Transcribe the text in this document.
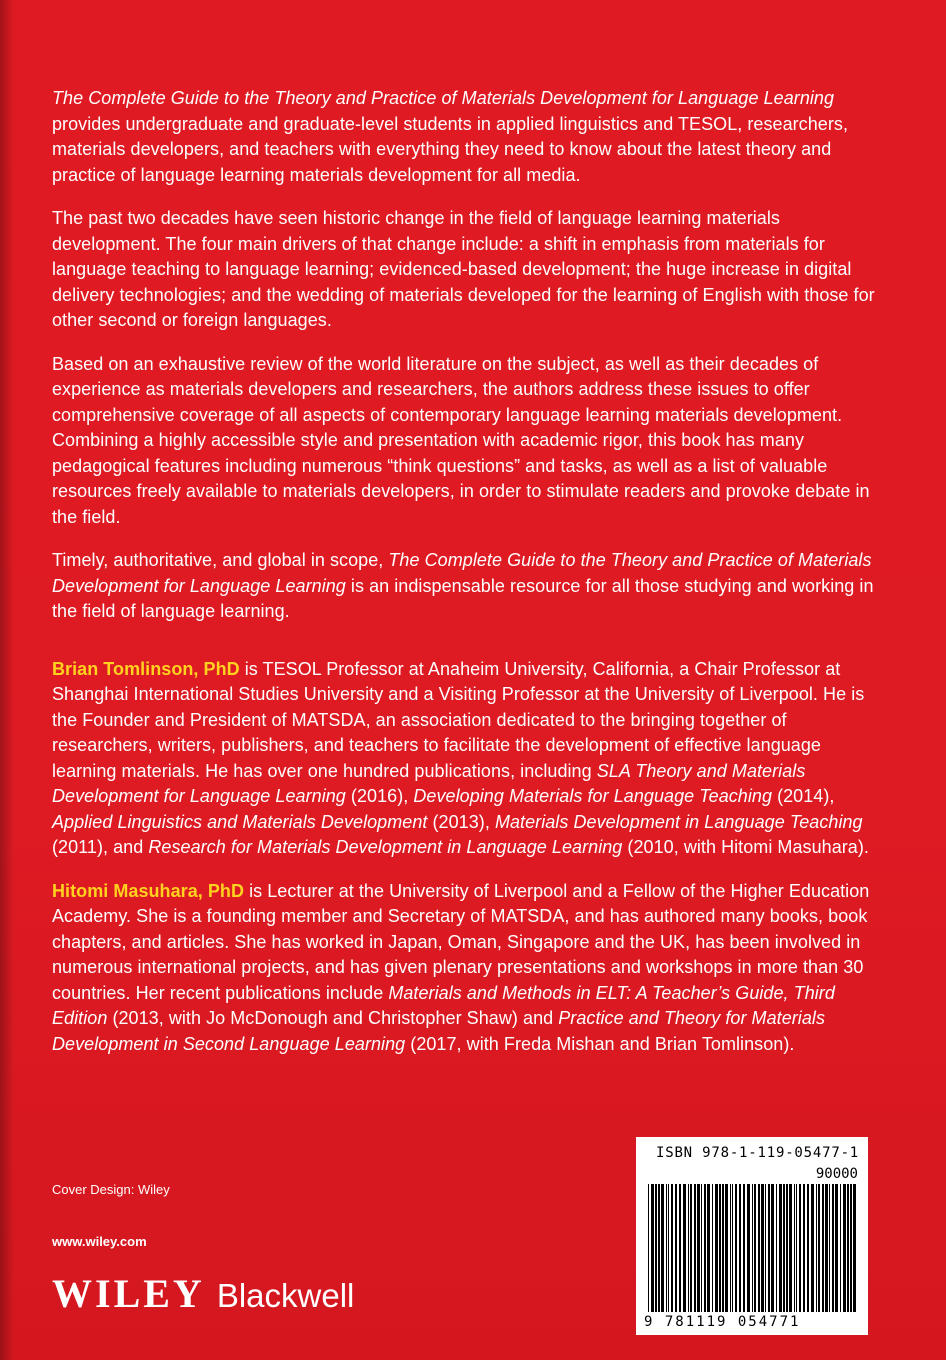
The Complete Guide to the Theory and Practice of Materials Development for Language Learning provides undergraduate and graduate-level students in applied linguistics and TESOL, researchers, materials developers, and teachers with everything they need to know about the latest theory and practice of language learning materials development for all media.

The past two decades have seen historic change in the field of language learning materials development. The four main drivers of that change include: a shift in emphasis from materials for language teaching to language learning; evidenced-based development; the huge increase in digital delivery technologies; and the wedding of materials developed for the learning of English with those for other second or foreign languages.

Based on an exhaustive review of the world literature on the subject, as well as their decades of experience as materials developers and researchers, the authors address these issues to offer comprehensive coverage of all aspects of contemporary language learning materials development. Combining a highly accessible style and presentation with academic rigor, this book has many pedagogical features including numerous “think questions” and tasks, as well as a list of valuable resources freely available to materials developers, in order to stimulate readers and provoke debate in the field.

Timely, authoritative, and global in scope, The Complete Guide to the Theory and Practice of Materials Development for Language Learning is an indispensable resource for all those studying and working in the field of language learning.

Brian Tomlinson, PhD is TESOL Professor at Anaheim University, California, a Chair Professor at Shanghai International Studies University and a Visiting Professor at the University of Liverpool. He is the Founder and President of MATSDA, an association dedicated to the bringing together of researchers, writers, publishers, and teachers to facilitate the development of effective language learning materials. He has over one hundred publications, including SLA Theory and Materials Development for Language Learning (2016), Developing Materials for Language Teaching (2014), Applied Linguistics and Materials Development (2013), Materials Development in Language Teaching (2011), and Research for Materials Development in Language Learning (2010, with Hitomi Masuhara).

Hitomi Masuhara, PhD is Lecturer at the University of Liverpool and a Fellow of the Higher Education Academy. She is a founding member and Secretary of MATSDA, and has authored many books, book chapters, and articles. She has worked in Japan, Oman, Singapore and the UK, has been involved in numerous international projects, and has given plenary presentations and workshops in more than 30 countries. Her recent publications include Materials and Methods in ELT: A Teacher’s Guide, Third Edition (2013, with Jo McDonough and Christopher Shaw) and Practice and Theory for Materials Development in Second Language Learning (2017, with Freda Mishan and Brian Tomlinson).

Cover Design: Wiley
www.wiley.com
WILEY Blackwell
ISBN 978-1-119-05477-1
90000
9 781119 054771
